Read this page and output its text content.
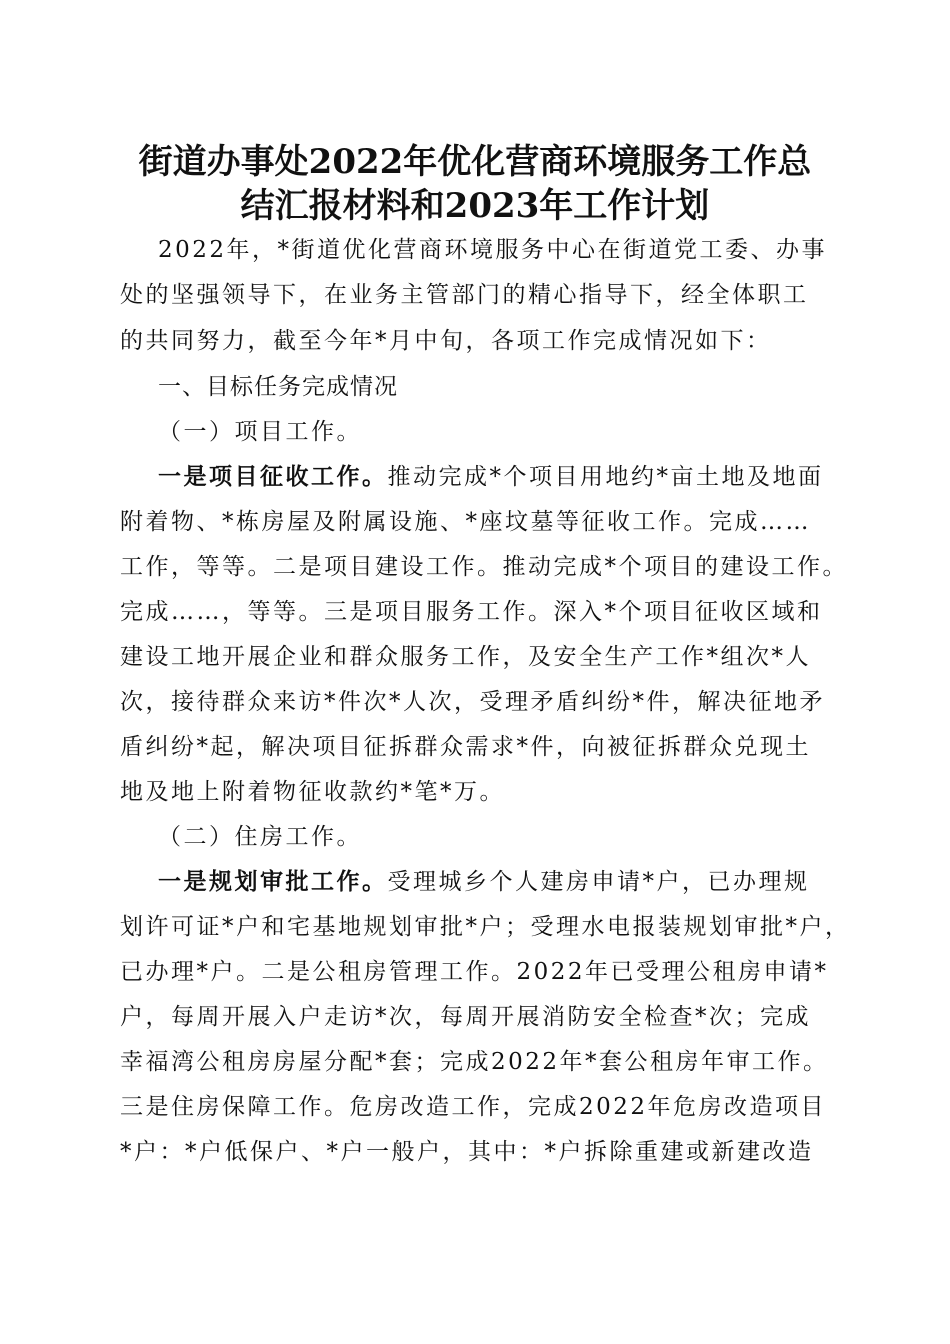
街道办事处2022年优化营商环境服务工作总
结汇报材料和2023年工作计划

2022年，*街道优化营商环境服务中心在街道党工委、办事

处的坚强领导下，在业务主管部门的精心指导下，经全体职工

的共同努力，截至今年*月中旬，各项工作完成情况如下：

一、目标任务完成情况

（一）项目工作。

一是项目征收工作。推动完成*个项目用地约*亩土地及地面

附着物、*栋房屋及附属设施、*座坟墓等征收工作。完成……

工作，等等。二是项目建设工作。推动完成*个项目的建设工作。

完成……，等等。三是项目服务工作。深入*个项目征收区域和

建设工地开展企业和群众服务工作，及安全生产工作*组次*人

次，接待群众来访*件次*人次，受理矛盾纠纷*件，解决征地矛

盾纠纷*起，解决项目征拆群众需求*件，向被征拆群众兑现土

地及地上附着物征收款约*笔*万。

（二）住房工作。

一是规划审批工作。受理城乡个人建房申请*户，已办理规

划许可证*户和宅基地规划审批*户；受理水电报装规划审批*户，

已办理*户。二是公租房管理工作。2022年已受理公租房申请*

户，每周开展入户走访*次，每周开展消防安全检查*次；完成

幸福湾公租房房屋分配*套；完成2022年*套公租房年审工作。

三是住房保障工作。危房改造工作，完成2022年危房改造项目

*户：*户低保户、*户一般户，其中：*户拆除重建或新建改造
